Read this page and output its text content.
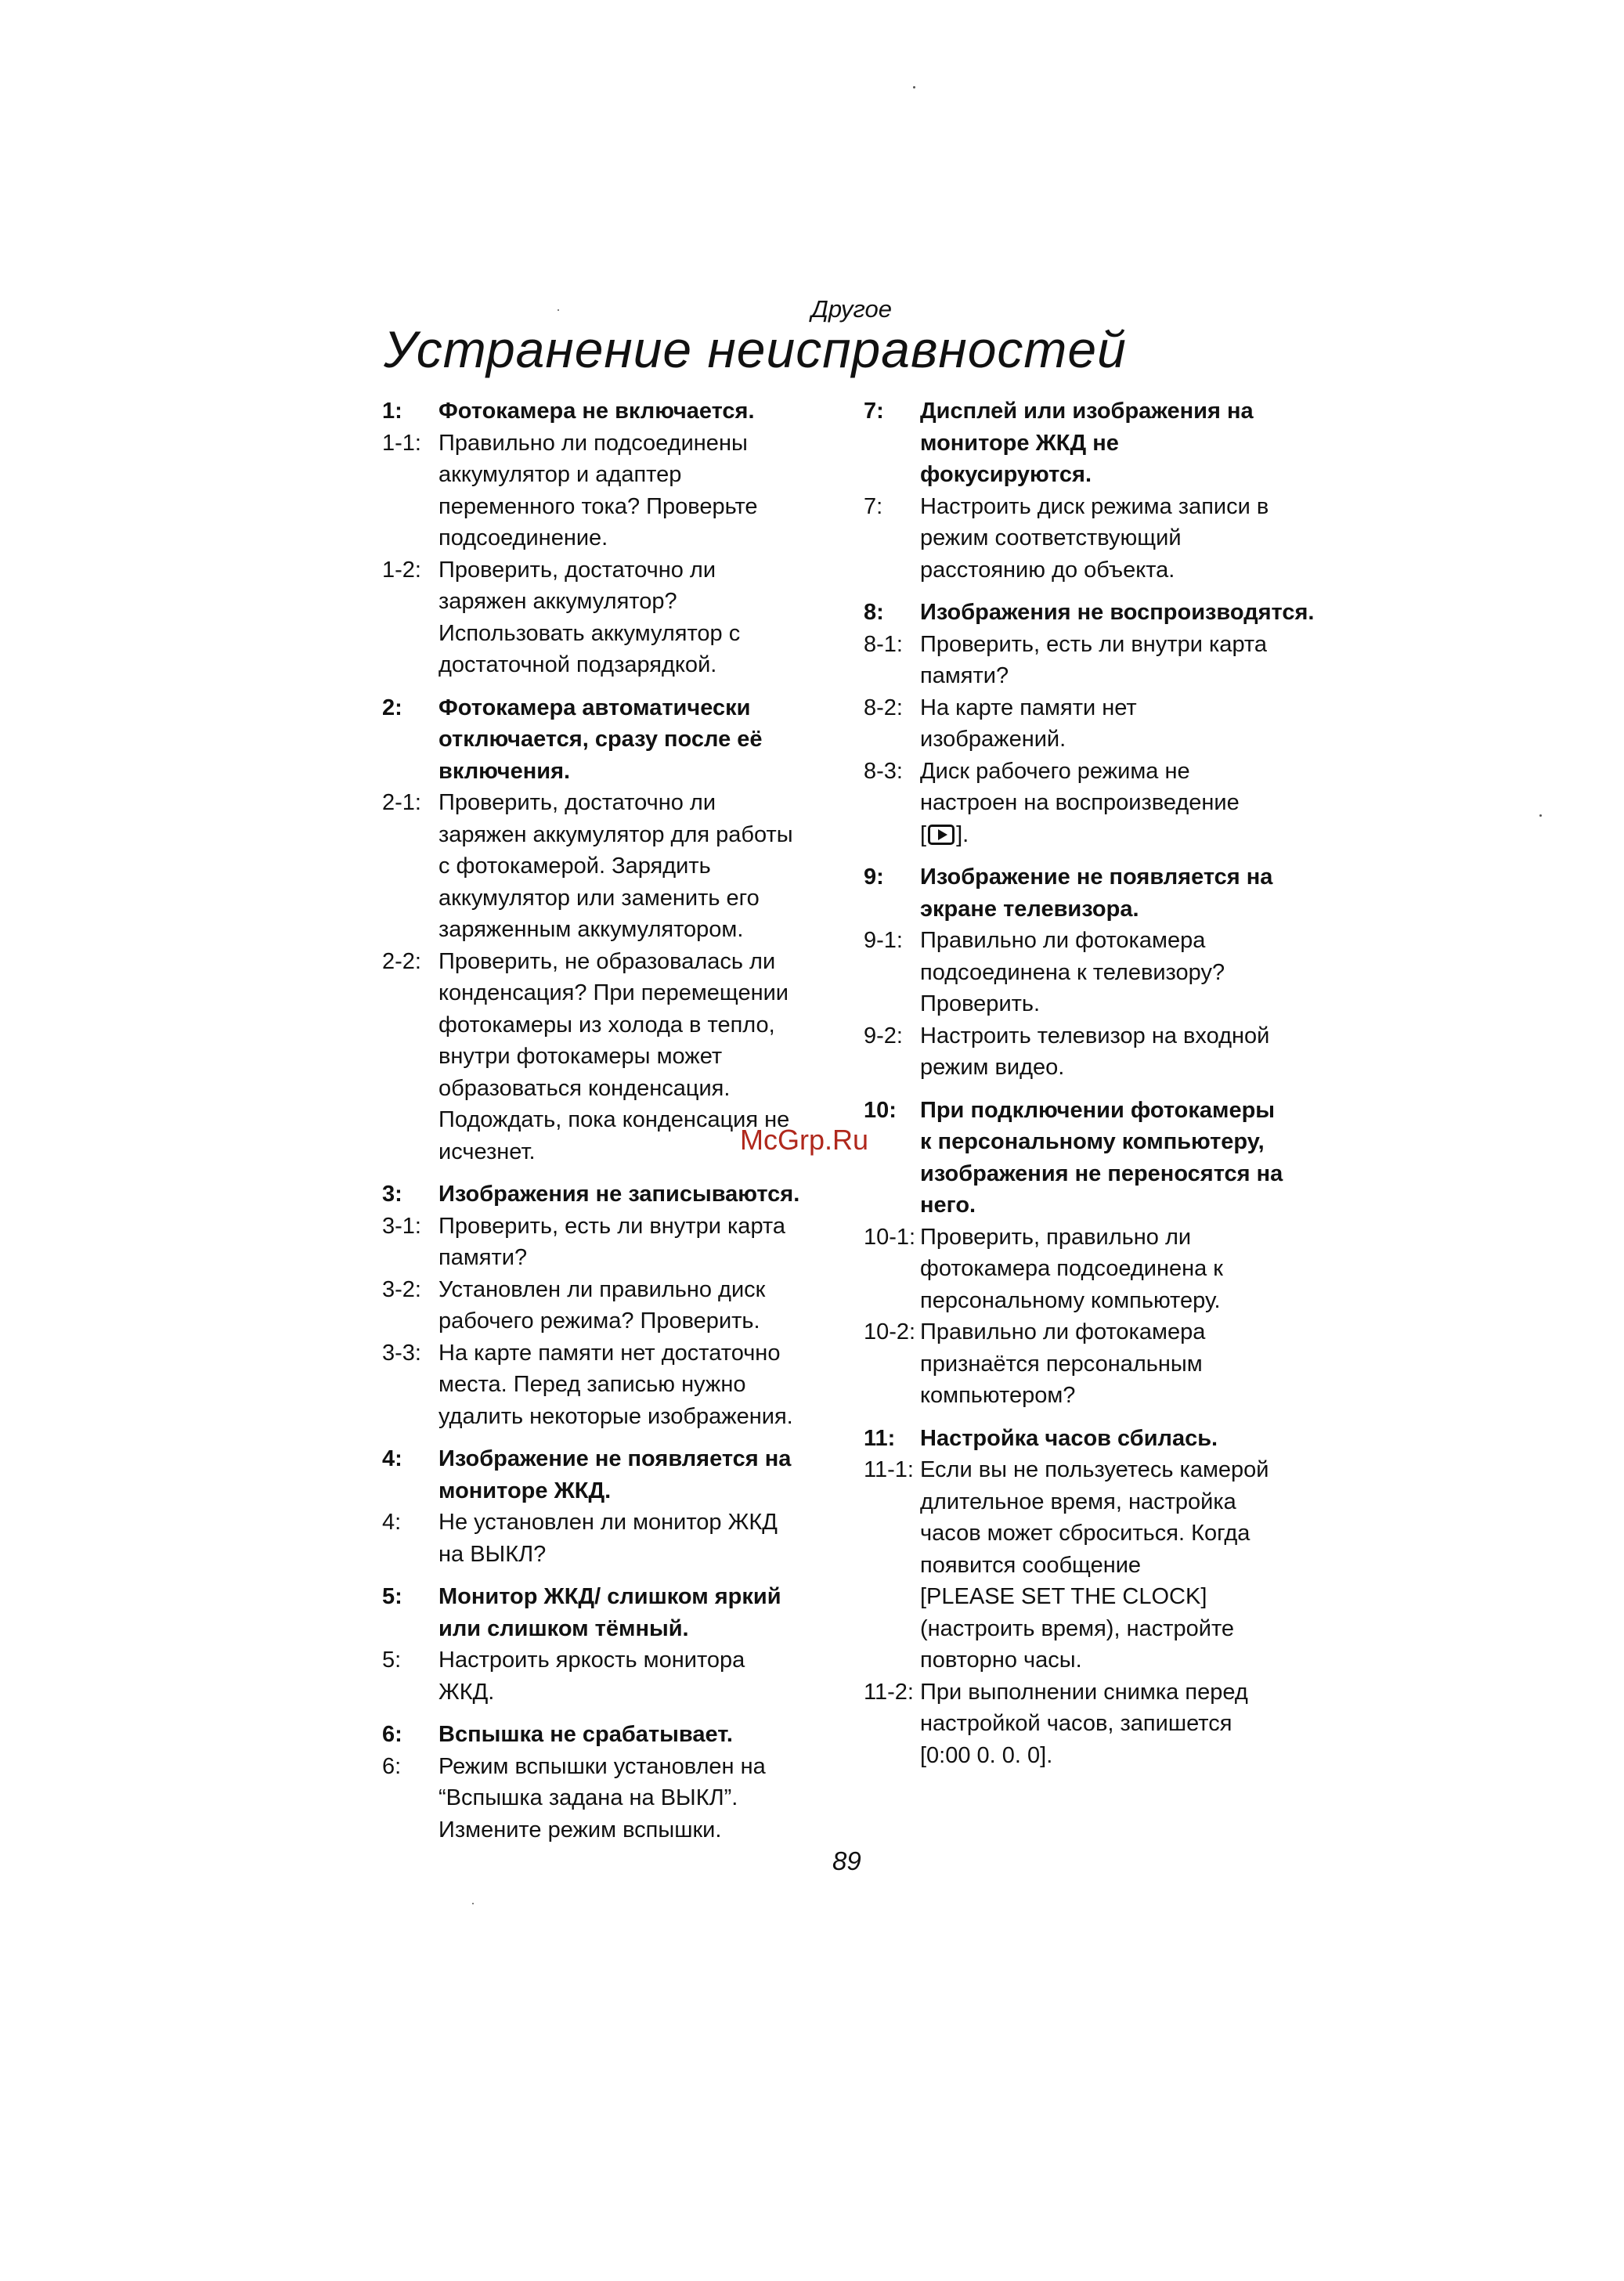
Другое
Устранение неисправностей
1:	Фотокамера не включается.
1-1: Правильно ли подсоединены
аккумулятор и адаптер
переменного тока? Проверьте
подсоединение.
1-2: Проверить, достаточно ли
заряжен аккумулятор?
Использовать аккумулятор с
достаточной подзарядкой.
2:	Фотокамера автоматически
отключается, сразу после её
включения.
2-1: Проверить, достаточно ли
заряжен аккумулятор для работы
с фотокамерой. Зарядить
аккумулятор или заменить его
заряженным аккумулятором.
2-2: Проверить, не образовалась ли
конденсация? При перемещении
фотокамеры из холода в тепло,
внутри фотокамеры может
образоваться конденсация.
Подождать, пока конденсация не
исчезнет.
3:	Изображения не записываются.
3-1: Проверить, есть ли внутри карта
памяти?
3-2: Установлен ли правильно диск
рабочего режима? Проверить.
3-3: На карте памяти нет достаточно
места. Перед записью нужно
удалить некоторые изображения.
4:	Изображение не появляется на
мониторе ЖКД.
4:	Не установлен ли монитор ЖКД
на ВЫКЛ?
5:	Монитор ЖКД/ слишком яркий
или слишком тёмный.
5:	Настроить яркость монитора
ЖКД.
6:	Вспышка не срабатывает.
6:	Режим вспышки установлен на
“Вспышка задана на ВЫКЛ”.
Измените режим вспышки.
7:	Дисплей или изображения на
мониторе ЖКД не
фокусируются.
7:	Настроить диск режима записи в
режим соответствующий
расстоянию до объекта.
8:	Изображения не воспроизводятся.
8-1: Проверить, есть ли внутри карта
памяти?
8-2: На карте памяти нет
изображений.
8-3: Диск рабочего режима не
настроен на воспроизведение
[ ].
9:	Изображение не появляется на
экране телевизора.
9-1: Правильно ли фотокамера
подсоединена к телевизору?
Проверить.
9-2: Настроить телевизор на входной
режим видео.
10:	При подключении фотокамеры
к персональному компьютеру,
изображения не переносятся на
него.
10-1: Проверить, правильно ли
фотокамера подсоединена к
персональному компьютеру.
10-2: Правильно ли фотокамера
признаётся персональным
компьютером?
11:	Настройка часов сбилась.
11-1: Если вы не пользуетесь камерой
длительное время, настройка
часов может сброситься. Когда
появится сообщение
[PLEASE SET THE CLOCK]
(настроить время), настройте
повторно часы.
11-2: При выполнении снимка перед
настройкой часов, запишется
[0:00 0. 0. 0].
McGrp.Ru
89
